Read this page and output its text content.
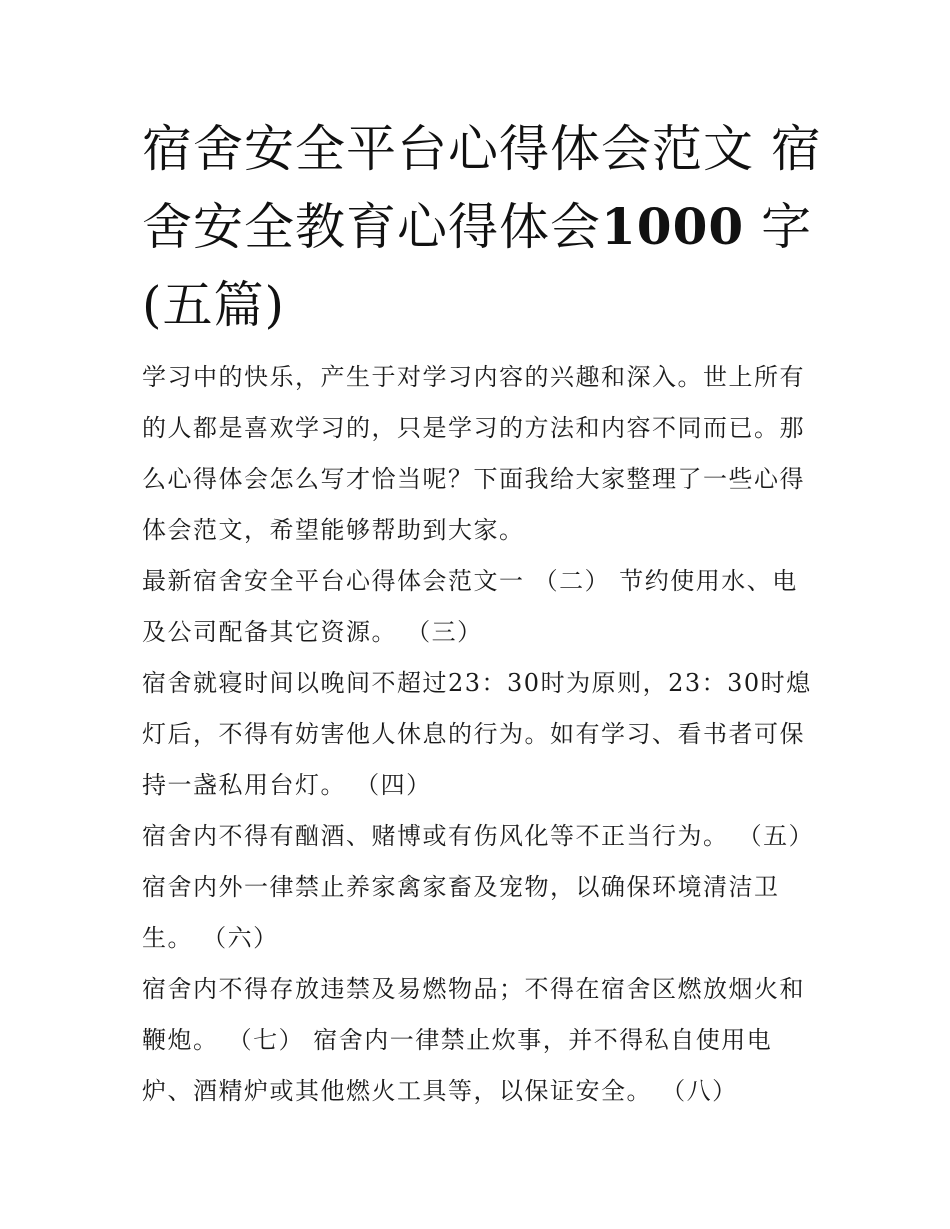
宿舍安全平台心得体会范文 宿舍安全教育心得体会1000 字(五篇)

学习中的快乐，产生于对学习内容的兴趣和深入。世上所有的人都是喜欢学习的，只是学习的方法和内容不同而已。那么心得体会怎么写才恰当呢？下面我给大家整理了一些心得体会范文，希望能够帮助到大家。

最新宿舍安全平台心得体会范文一 （二） 节约使用水、电及公司配备其它资源。 （三）

宿舍就寝时间以晚间不超过23：30时为原则，23：30时熄灯后，不得有妨害他人休息的行为。如有学习、看书者可保持一盏私用台灯。 （四）

宿舍内不得有酗酒、赌博或有伤风化等不正当行为。 （五） 宿舍内外一律禁止养家禽家畜及宠物，以确保环境清洁卫生。 （六）

宿舍内不得存放违禁及易燃物品；不得在宿舍区燃放烟火和鞭炮。 （七） 宿舍内一律禁止炊事，并不得私自使用电炉、酒精炉或其他燃火工具等，以保证安全。 （八）
